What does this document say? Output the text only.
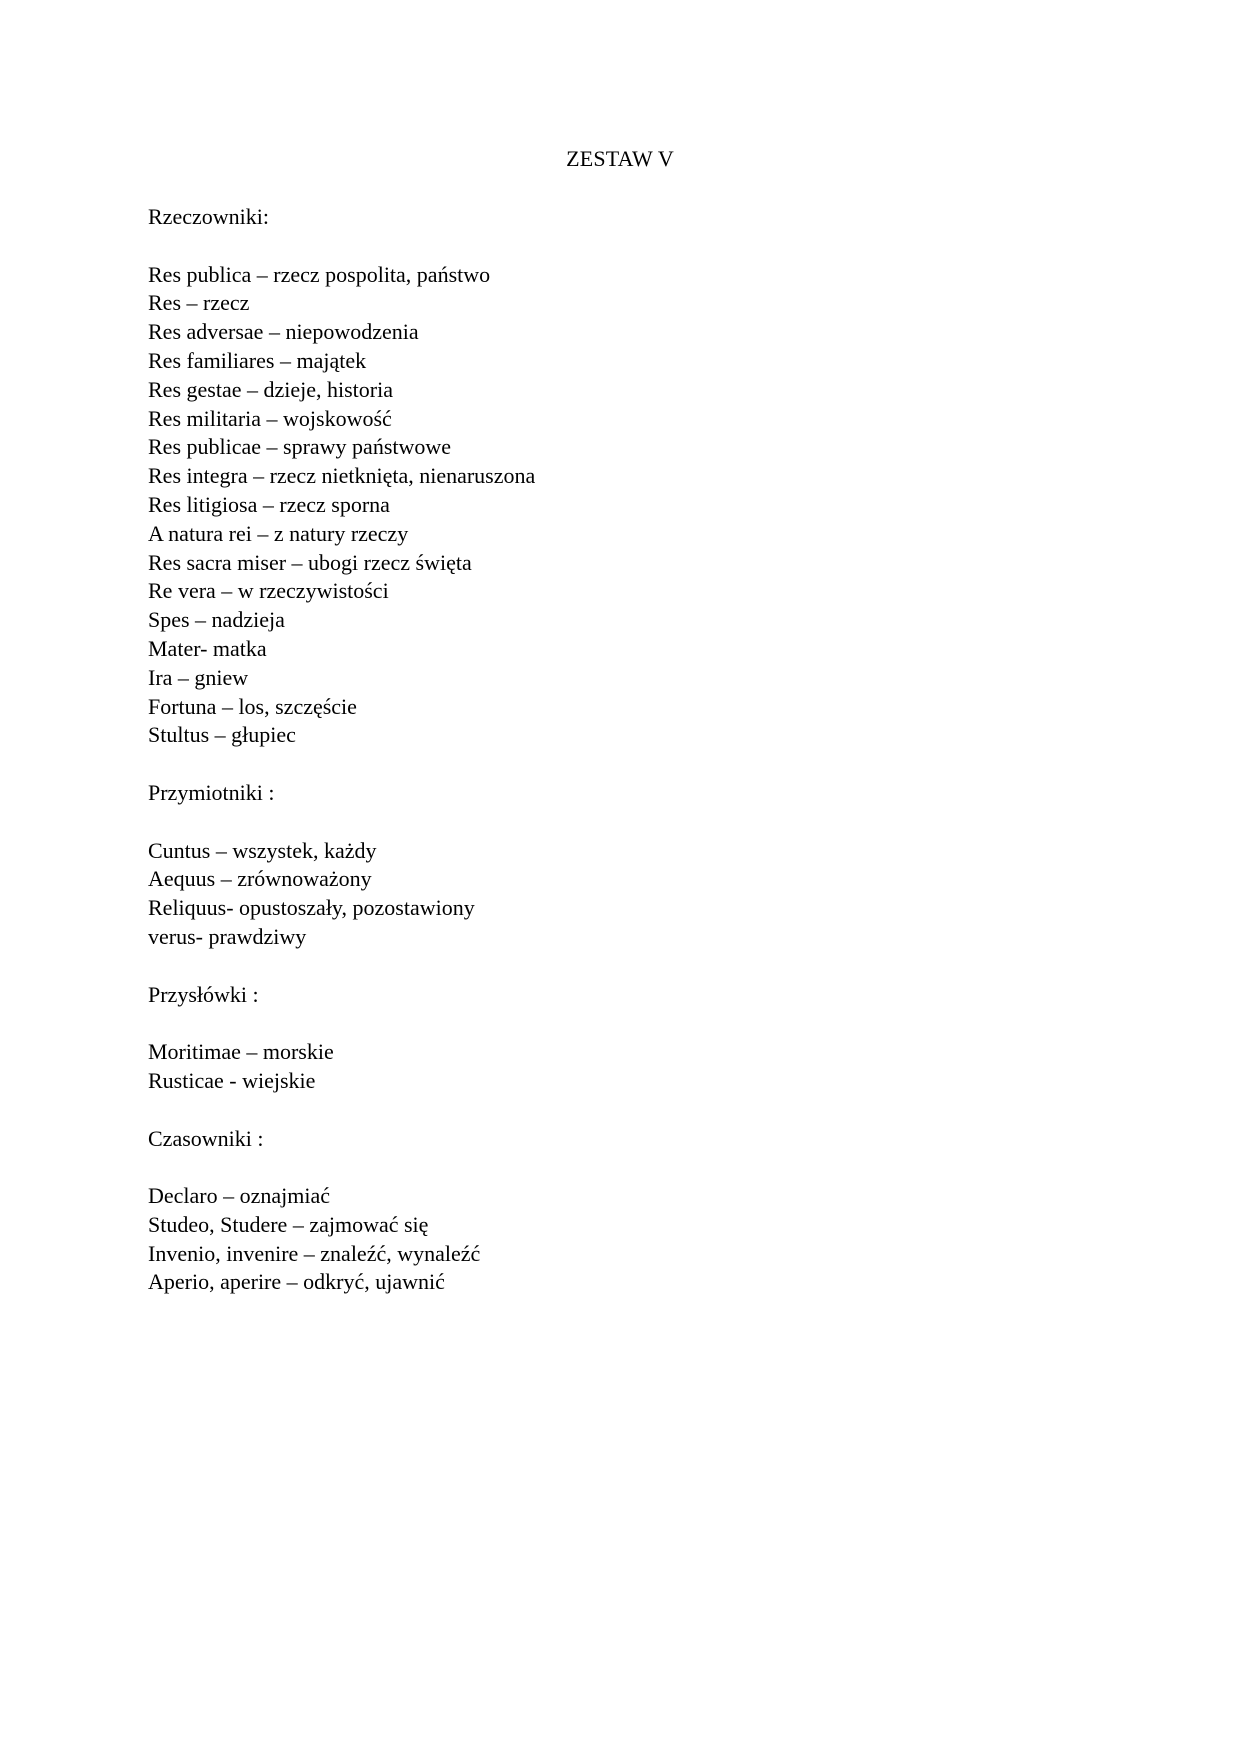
ZESTAW V
Rzeczowniki:
Res publica – rzecz pospolita, państwo
Res – rzecz
Res adversae – niepowodzenia
Res familiares – majątek
Res gestae – dzieje, historia
Res militaria – wojskowość
Res publicae – sprawy państwowe
Res integra – rzecz nietknięta, nienaruszona
Res litigiosa – rzecz sporna
A natura rei – z natury rzeczy
Res sacra miser – ubogi rzecz święta
Re vera – w rzeczywistości
Spes – nadzieja
Mater- matka
Ira – gniew
Fortuna – los, szczęście
Stultus – głupiec
Przymiotniki :
Cuntus – wszystek, każdy
Aequus – zrównoważony
Reliquus- opustoszały, pozostawiony
verus- prawdziwy
Przysłówki :
Moritimae – morskie
Rusticae - wiejskie
Czasowniki :
Declaro – oznajmiać
Studeo, Studere – zajmować się
Invenio, invenire – znaleźć, wynaleźć
Aperio, aperire – odkryć, ujawnić
